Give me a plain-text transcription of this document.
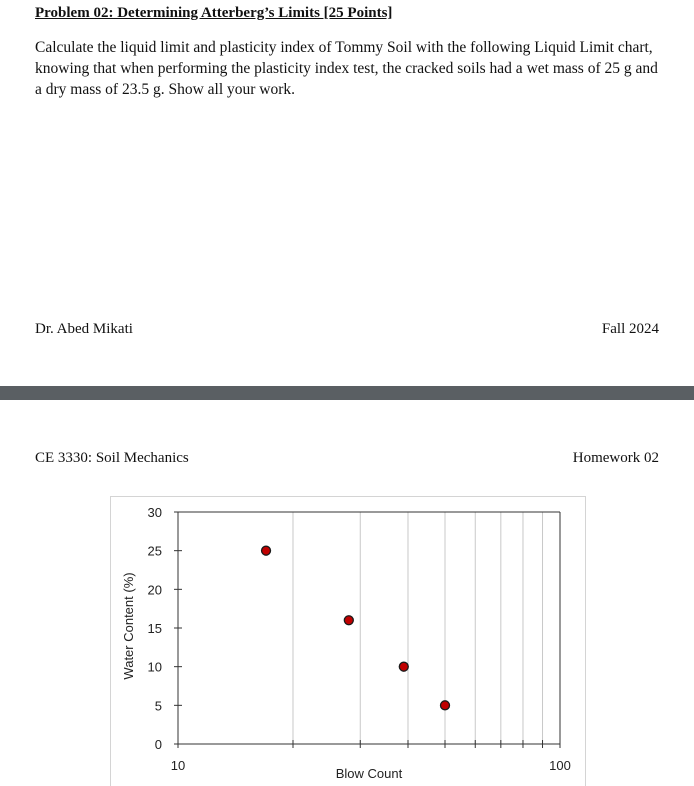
Problem 02: Determining Atterberg’s Limits [25 Points]
Calculate the liquid limit and plasticity index of Tommy Soil with the following Liquid Limit chart, knowing that when performing the plasticity index test, the cracked soils had a wet mass of 25 g and a dry mass of 23.5 g. Show all your work.
Dr. Abed Mikati	Fall 2024
CE 3330: Soil Mechanics	Homework 02
0
5
10
15
20
25
30
10	100
Blow Count
Water Content (%)
